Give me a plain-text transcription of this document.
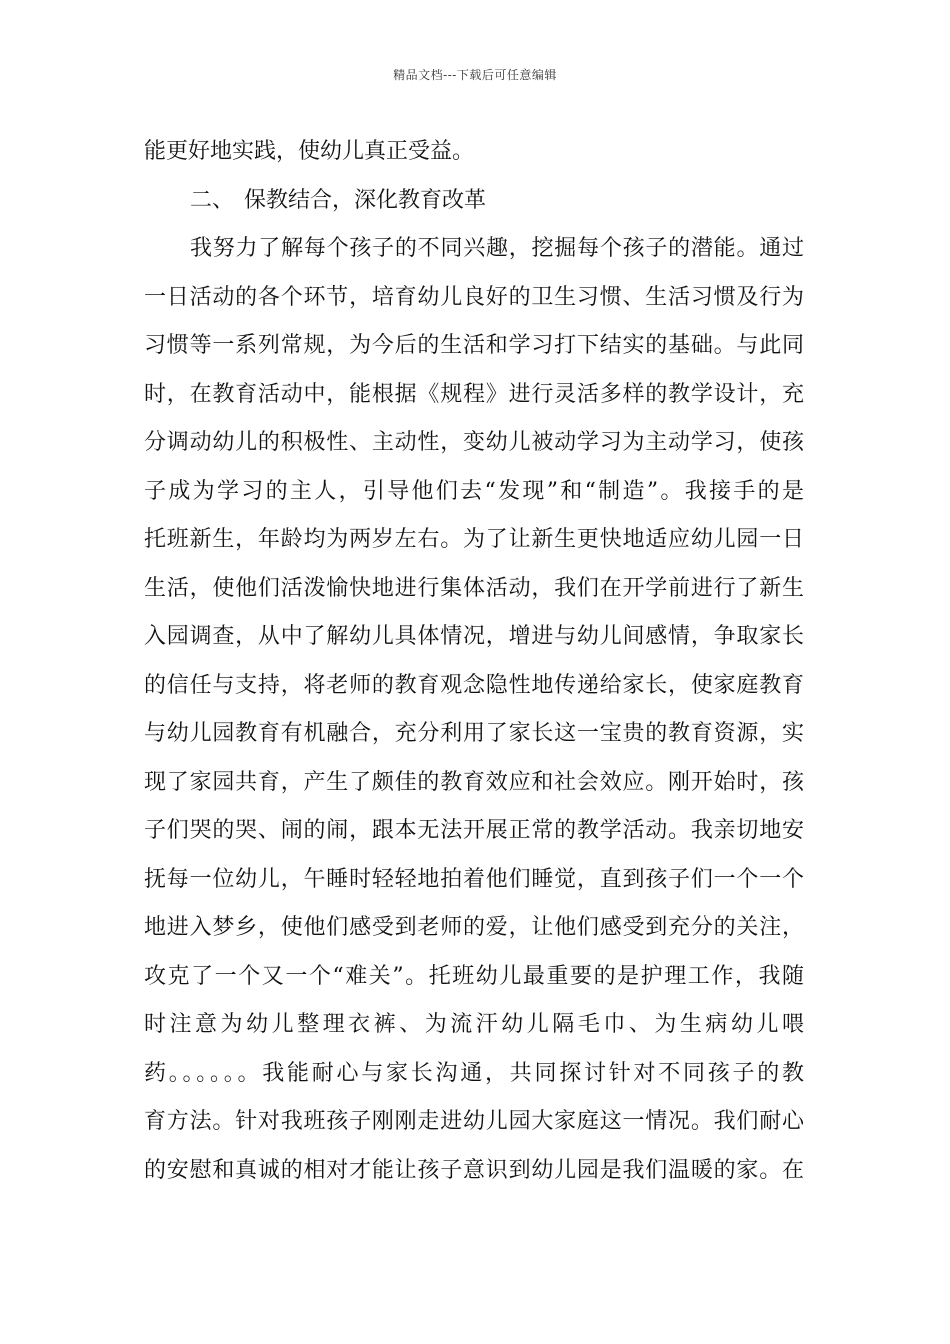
精品文档---下载后可任意编辑
能更好地实践，使幼儿真正受益。
二、 保教结合，深化教育改革
我努力了解每个孩子的不同兴趣，挖掘每个孩子的潜能。通过
一日活动的各个环节，培育幼儿良好的卫生习惯、生活习惯及行为
习惯等一系列常规，为今后的生活和学习打下结实的基础。与此同
时，在教育活动中，能根据《规程》进行灵活多样的教学设计，充
分调动幼儿的积极性、主动性，变幼儿被动学习为主动学习，使孩
子成为学习的主人，引导他们去“发现”和“制造”。我接手的是
托班新生，年龄均为两岁左右。为了让新生更快地适应幼儿园一日
生活，使他们活泼愉快地进行集体活动，我们在开学前进行了新生
入园调查，从中了解幼儿具体情况，增进与幼儿间感情，争取家长
的信任与支持，将老师的教育观念隐性地传递给家长，使家庭教育
与幼儿园教育有机融合，充分利用了家长这一宝贵的教育资源，实
现了家园共育，产生了颇佳的教育效应和社会效应。刚开始时，孩
子们哭的哭、闹的闹，跟本无法开展正常的教学活动。我亲切地安
抚每一位幼儿，午睡时轻轻地拍着他们睡觉，直到孩子们一个一个
地进入梦乡，使他们感受到老师的爱，让他们感受到充分的关注，
攻克了一个又一个“难关”。托班幼儿最重要的是护理工作，我随
时注意为幼儿整理衣裤、为流汗幼儿隔毛巾、为生病幼儿喂
药。。。。。。我能耐心与家长沟通，共同探讨针对不同孩子的教
育方法。针对我班孩子刚刚走进幼儿园大家庭这一情况。我们耐心
的安慰和真诚的相对才能让孩子意识到幼儿园是我们温暖的家。在
